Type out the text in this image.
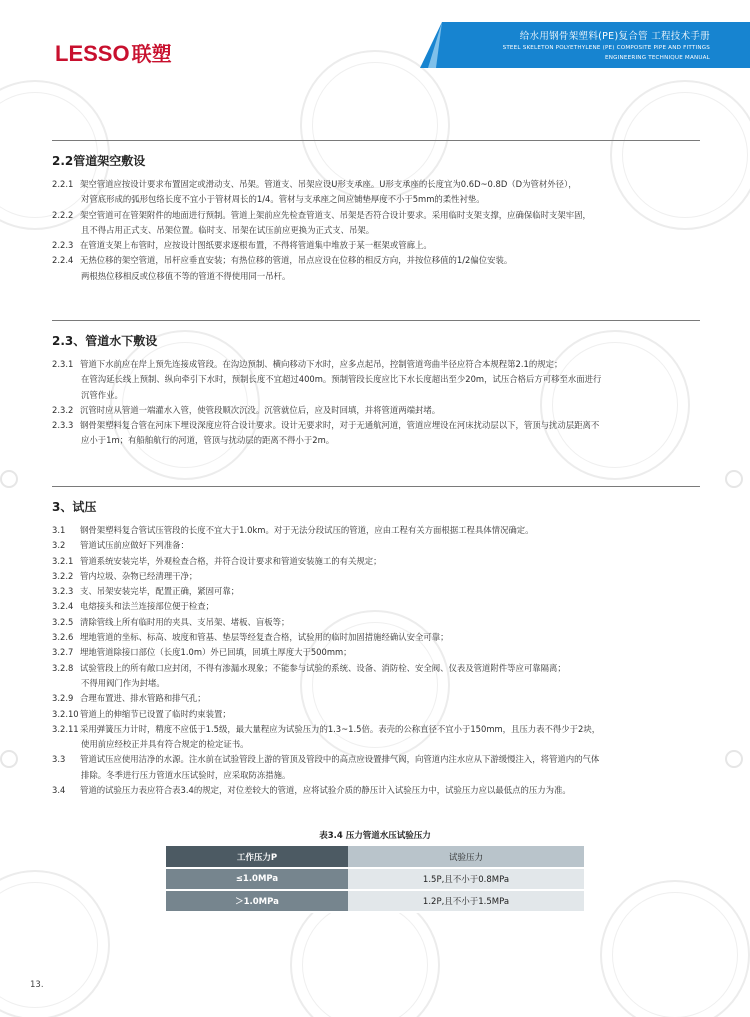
LESSO 联塑
给水用钢骨架塑料(PE)复合管 工程技术手册
STEEL SKELETON POLYETHYLENE (PE) COMPOSITE PIPE AND FITTINGS
ENGINEERING TECHNIQUE MANUAL
2.2管道架空敷设
2.2.1 架空管道应按设计要求布置固定或滑动支、吊架。管道支、吊架应设U形支承座。U形支承座的长度宜为0.6D~0.8D（D为管材外径），
对管底形成的弧形包络长度不宜小于管材周长的1/4。管材与支承座之间应铺垫厚度不小于5mm的柔性衬垫。
2.2.2 架空管道可在管架附件的地面进行预制。管道上架前应先检查管道支、吊架是否符合设计要求。采用临时支架支撑，应确保临时支架牢固，
且不得占用正式支、吊架位置。临时支、吊架在试压前应更换为正式支、吊架。
2.2.3 在管道支架上布管时，应按设计图纸要求逐根布置，不得将管道集中堆放于某一框架或管廊上。
2.2.4 无热位移的架空管道，吊杆应垂直安装；有热位移的管道，吊点应设在位移的相反方向，并按位移值的1/2偏位安装。
两根热位移相反或位移值不等的管道不得使用同一吊杆。
2.3、管道水下敷设
2.3.1 管道下水前应在岸上预先连接成管段。在沟边预制、横向移动下水时，应多点起吊，控制管道弯曲半径应符合本规程第2.1的规定；
在管沟延长线上预制、纵向牵引下水时，预制长度不宜超过400m。预制管段长度应比下水长度超出至少20m，试压合格后方可移至水面进行
沉管作业。
2.3.2 沉管时应从管道一端灌水入管，使管段顺次沉没。沉管就位后，应及时回填，并将管道两端封堵。
2.3.3 钢骨架塑料复合管在河床下埋设深度应符合设计要求。设计无要求时，对于无通航河道，管道应埋设在河床扰动层以下，管顶与扰动层距离不
应小于1m；有船舶航行的河道，管顶与扰动层的距离不得小于2m。
3、试压
3.1 钢骨架塑料复合管试压管段的长度不宜大于1.0km。对于无法分段试压的管道，应由工程有关方面根据工程具体情况确定。
3.2 管道试压前应做好下列准备：
3.2.1 管道系统安装完毕，外观检查合格，并符合设计要求和管道安装施工的有关规定；
3.2.2 管内垃圾、杂物已经清理干净；
3.2.3 支、吊架安装完毕，配置正确，紧固可靠；
3.2.4 电熔接头和法兰连接部位便于检查；
3.2.5 清除管线上所有临时用的夹具、支吊架、堵板、盲板等；
3.2.6 埋地管道的坐标、标高、坡度和管基、垫层等经复查合格，试验用的临时加固措施经确认安全可靠；
3.2.7 埋地管道除接口部位（长度1.0m）外已回填，回填土厚度大于500mm；
3.2.8 试验管段上的所有敞口应封闭，不得有渗漏水现象；不能参与试验的系统、设备、消防栓、安全阀、仪表及管道附件等应可靠隔离；
不得用阀门作为封堵。
3.2.9 合理布置进、排水管路和排气孔；
3.2.10管道上的伸缩节已设置了临时约束装置；
3.2.11采用弹簧压力计时，精度不应低于1.5级，最大量程应为试验压力的1.3~1.5倍。表壳的公称直径不宜小于150mm，且压力表不得少于2块，
使用前应经校正并具有符合规定的检定证书。
3.3 管道试压应使用洁净的水源。注水前在试验管段上游的管顶及管段中的高点应设置排气阀，向管道内注水应从下游缓慢注入，将管道内的气体
排除。冬季进行压力管道水压试验时，应采取防冻措施。
3.4 管道的试验压力表应符合表3.4的规定，对位差较大的管道，应将试验介质的静压计入试验压力中，试验压力应以最低点的压力为准。
表3.4 压力管道水压试验压力
工作压力P	试验压力
≤1.0MPa	1.5P,且不小于0.8MPa
＞1.0MPa	1.2P,且不小于1.5MPa
13.
